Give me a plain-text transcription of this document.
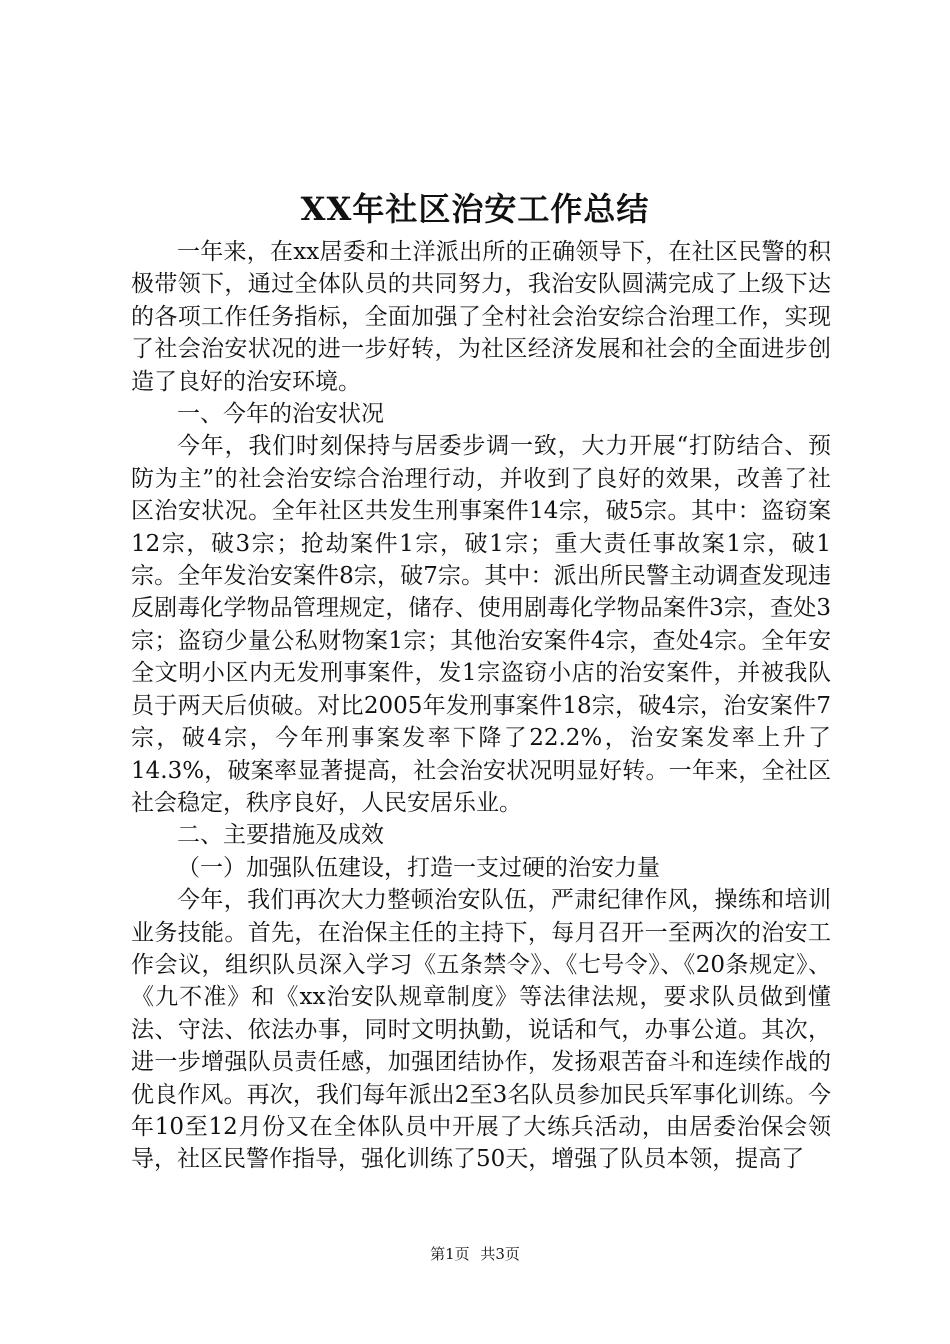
XX年社区治安工作总结

一年来，在xx居委和土洋派出所的正确领导下，在社区民警的积极带领下，通过全体队员的共同努力，我治安队圆满完成了上级下达的各项工作任务指标，全面加强了全村社会治安综合治理工作，实现了社会治安状况的进一步好转，为社区经济发展和社会的全面进步创造了良好的治安环境。

一、今年的治安状况

今年，我们时刻保持与居委步调一致，大力开展“打防结合、预防为主”的社会治安综合治理行动，并收到了良好的效果，改善了社区治安状况。全年社区共发生刑事案件14宗，破5宗。其中：盗窃案12宗，破3宗；抢劫案件1宗，破1宗；重大责任事故案1宗，破1宗。全年发治安案件8宗，破7宗。其中：派出所民警主动调查发现违反剧毒化学物品管理规定，储存、使用剧毒化学物品案件3宗，查处3宗；盗窃少量公私财物案1宗；其他治安案件4宗，查处4宗。全年安全文明小区内无发刑事案件，发1宗盗窃小店的治安案件，并被我队员于两天后侦破。对比2005年发刑事案件18宗，破4宗，治安案件7宗，破4宗，今年刑事案发率下降了22.2%，治安案发率上升了14.3%，破案率显著提高，社会治安状况明显好转。一年来，全社区社会稳定，秩序良好，人民安居乐业。

二、主要措施及成效

（一）加强队伍建设，打造一支过硬的治安力量

今年，我们再次大力整顿治安队伍，严肃纪律作风，操练和培训业务技能。首先，在治保主任的主持下，每月召开一至两次的治安工作会议，组织队员深入学习《五条禁令》、《七号令》、《20条规定》、《九不准》和《xx治安队规章制度》等法律法规，要求队员做到懂法、守法、依法办事，同时文明执勤，说话和气，办事公道。其次，进一步增强队员责任感，加强团结协作，发扬艰苦奋斗和连续作战的优良作风。再次，我们每年派出2至3名队员参加民兵军事化训练。今年10至12月份又在全体队员中开展了大练兵活动，由居委治保会领导，社区民警作指导，强化训练了50天，增强了队员本领，提高了

第1页 共3页
